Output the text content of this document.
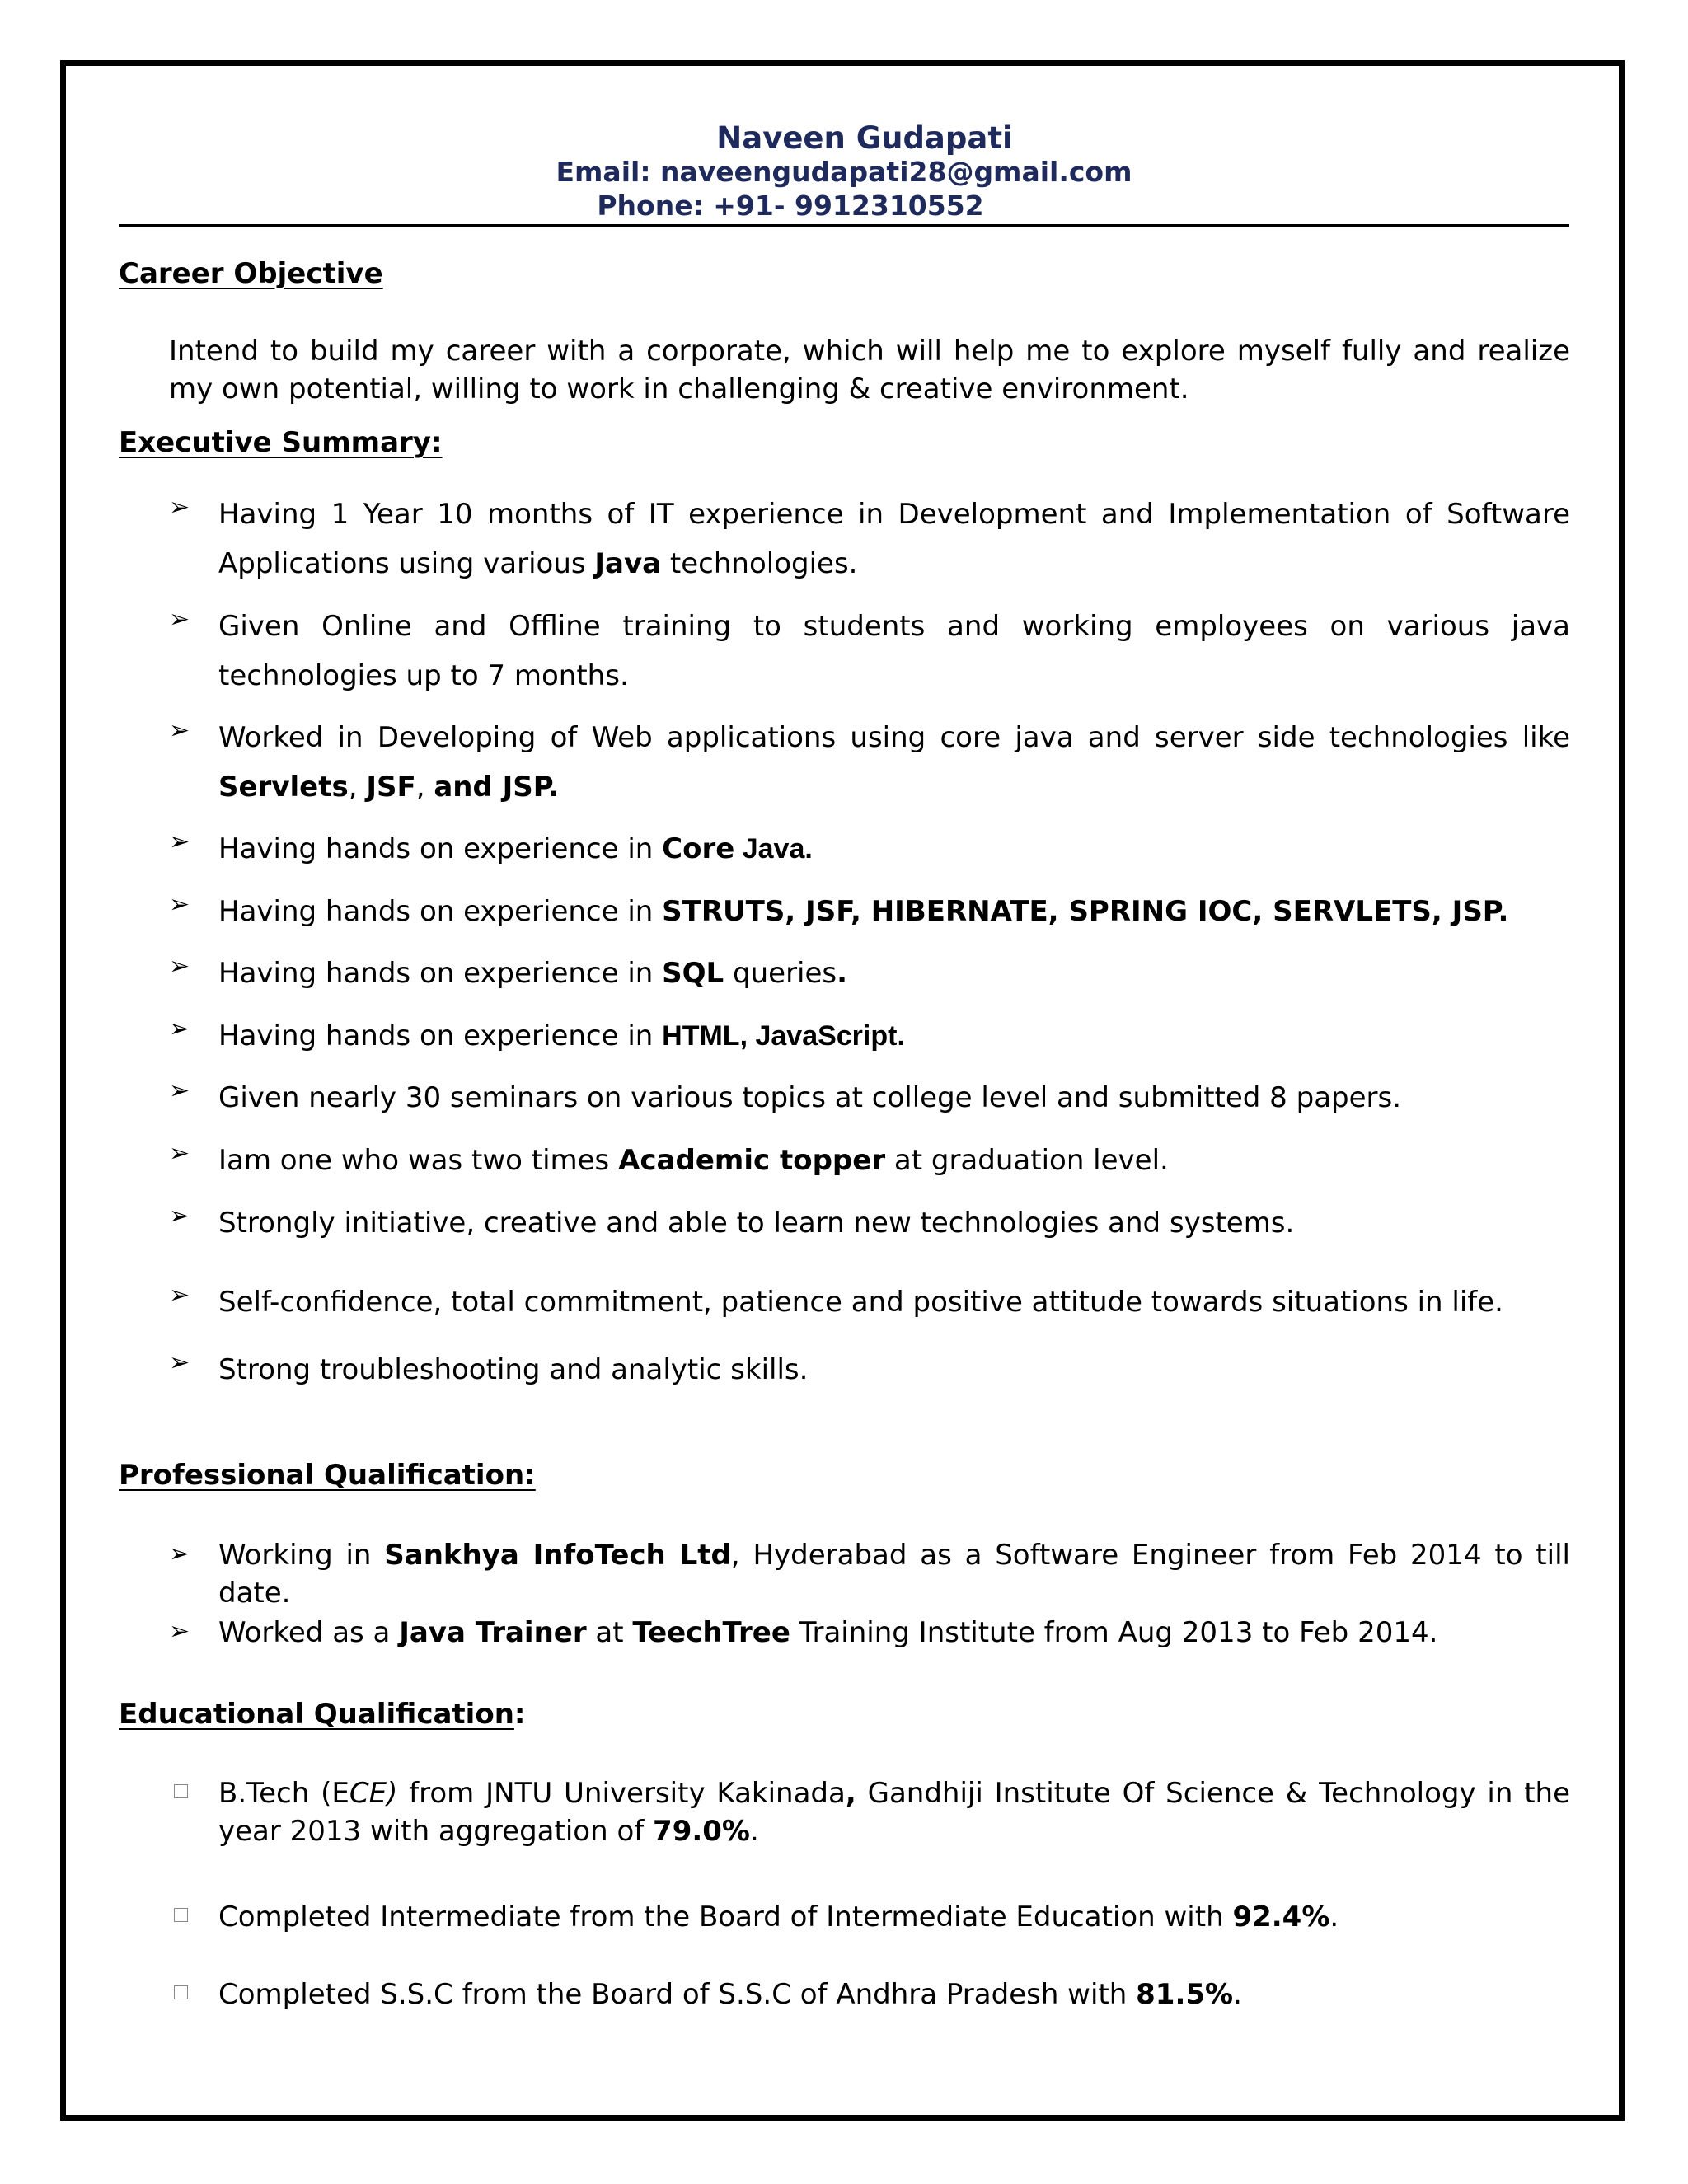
Naveen Gudapati
Email: naveengudapati28@gmail.com
Phone: +91- 9912310552
Career Objective
Intend to build my career with a corporate, which will help me to explore myself fully and realize my own potential, willing to work in challenging & creative environment.
Executive Summary:
➢ Having 1 Year 10 months of IT experience in Development and Implementation of Software Applications using various Java technologies.
➢ Given Online and Offline training to students and working employees on various java technologies up to 7 months.
➢ Worked in Developing of Web applications using core java and server side technologies like Servlets, JSF, and JSP.
➢ Having hands on experience in Core Java.
➢ Having hands on experience in STRUTS, JSF, HIBERNATE, SPRING IOC, SERVLETS, JSP.
➢ Having hands on experience in SQL queries.
➢ Having hands on experience in HTML, JavaScript.
➢ Given nearly 30 seminars on various topics at college level and submitted 8 papers.
➢ Iam one who was two times Academic topper at graduation level.
➢ Strongly initiative, creative and able to learn new technologies and systems.
➢ Self-confidence, total commitment, patience and positive attitude towards situations in life.
➢ Strong troubleshooting and analytic skills.
Professional Qualification:
➢ Working in Sankhya InfoTech Ltd, Hyderabad as a Software Engineer from Feb 2014 to till date.
➢ Worked as a Java Trainer at TeechTree Training Institute from Aug 2013 to Feb 2014.
Educational Qualification:
B.Tech (ECE) from JNTU University Kakinada, Gandhiji Institute Of Science & Technology in the year 2013 with aggregation of 79.0%.
Completed Intermediate from the Board of Intermediate Education with 92.4%.
Completed S.S.C from the Board of S.S.C of Andhra Pradesh with 81.5%.
